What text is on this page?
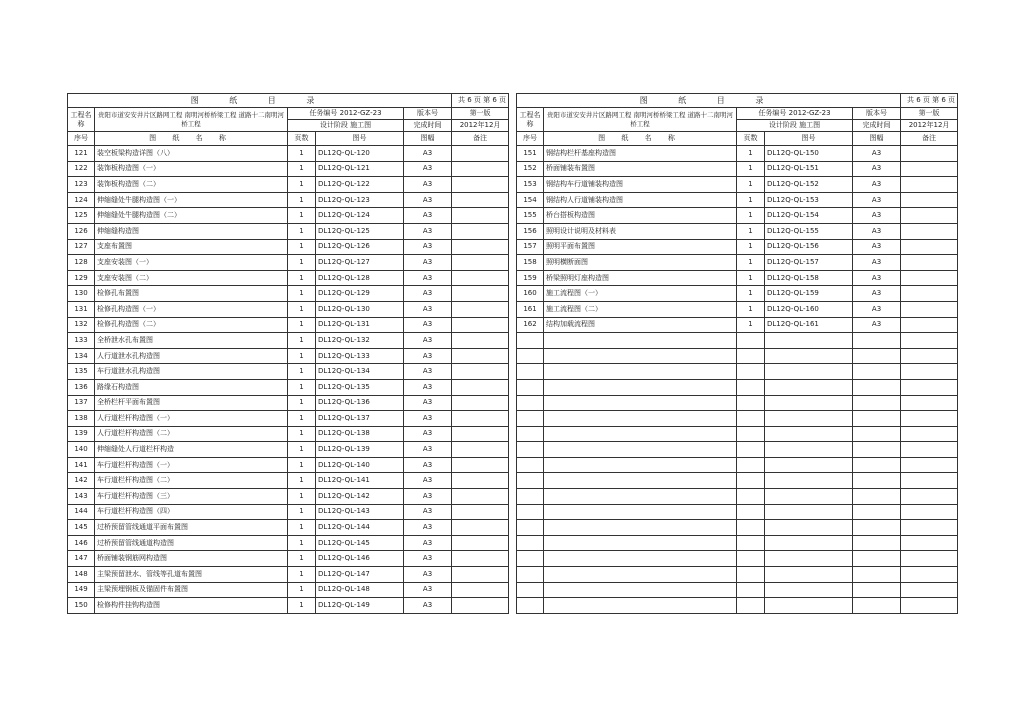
图 纸 目 录					共 6 页 第 6 页
工程名称	贵阳市道安安井片区路网工程 南明河桥桥梁工程 道路十二南明河桥工程	任务编号 2012-GZ-23		版本号	第一版
		设计阶段 施工图		完成时间	2012年12月
序号	图 纸 名 称	页数	图号	图幅	备注
121	装空板梁构造详图（八）	1	DL12Q-QL-120	A3	
122	装饰板构造图（一）	1	DL12Q-QL-121	A3	
123	装饰板构造图（二）	1	DL12Q-QL-122	A3	
124	伸缩缝处牛腿构造图（一）	1	DL12Q-QL-123	A3	
125	伸缩缝处牛腿构造图（二）	1	DL12Q-QL-124	A3	
126	伸缩缝构造图	1	DL12Q-QL-125	A3	
127	支座布置图	1	DL12Q-QL-126	A3	
128	支座安装图（一）	1	DL12Q-QL-127	A3	
129	支座安装图（二）	1	DL12Q-QL-128	A3	
130	检修孔布置图	1	DL12Q-QL-129	A3	
131	检修孔构造图（一）	1	DL12Q-QL-130	A3	
132	检修孔构造图（二）	1	DL12Q-QL-131	A3	
133	全桥泄水孔布置图	1	DL12Q-QL-132	A3	
134	人行道泄水孔构造图	1	DL12Q-QL-133	A3	
135	车行道泄水孔构造图	1	DL12Q-QL-134	A3	
136	路缘石构造图	1	DL12Q-QL-135	A3	
137	全桥栏杆平面布置图	1	DL12Q-QL-136	A3	
138	人行道栏杆构造图（一）	1	DL12Q-QL-137	A3	
139	人行道栏杆构造图（二）	1	DL12Q-QL-138	A3	
140	伸缩缝处人行道栏杆构造	1	DL12Q-QL-139	A3	
141	车行道栏杆构造图（一）	1	DL12Q-QL-140	A3	
142	车行道栏杆构造图（二）	1	DL12Q-QL-141	A3	
143	车行道栏杆构造图（三）	1	DL12Q-QL-142	A3	
144	车行道栏杆构造图（四）	1	DL12Q-QL-143	A3	
145	过桥预留管线通道平面布置图	1	DL12Q-QL-144	A3	
146	过桥预留管线通道构造图	1	DL12Q-QL-145	A3	
147	桥面铺装钢筋网构造图	1	DL12Q-QL-146	A3	
148	主梁预留泄水、管线等孔道布置图	1	DL12Q-QL-147	A3	
149	主梁预埋钢板及锚固件布置图	1	DL12Q-QL-148	A3	
150	检修构件挂钩构造图	1	DL12Q-QL-149	A3	
图 纸 目 录					共 6 页 第 6 页
工程名称	贵阳市道安安井片区路网工程 南明河桥桥梁工程 道路十二南明河桥工程	任务编号 2012-GZ-23		版本号	第一版
		设计阶段 施工图		完成时间	2012年12月
序号	图 纸 名 称	页数	图号	图幅	备注
151	钢结构栏杆基座构造图	1	DL12Q-QL-150	A3	
152	桥面铺装布置图	1	DL12Q-QL-151	A3	
153	钢结构车行道铺装构造图	1	DL12Q-QL-152	A3	
154	钢结构人行道铺装构造图	1	DL12Q-QL-153	A3	
155	桥台搭板构造图	1	DL12Q-QL-154	A3	
156	照明设计说明及材料表	1	DL12Q-QL-155	A3	
157	照明平面布置图	1	DL12Q-QL-156	A3	
158	照明横断面图	1	DL12Q-QL-157	A3	
159	桥梁照明灯座构造图	1	DL12Q-QL-158	A3	
160	施工流程图（一）	1	DL12Q-QL-159	A3	
161	施工流程图（二）	1	DL12Q-QL-160	A3	
162	结构加载流程图	1	DL12Q-QL-161	A3	
